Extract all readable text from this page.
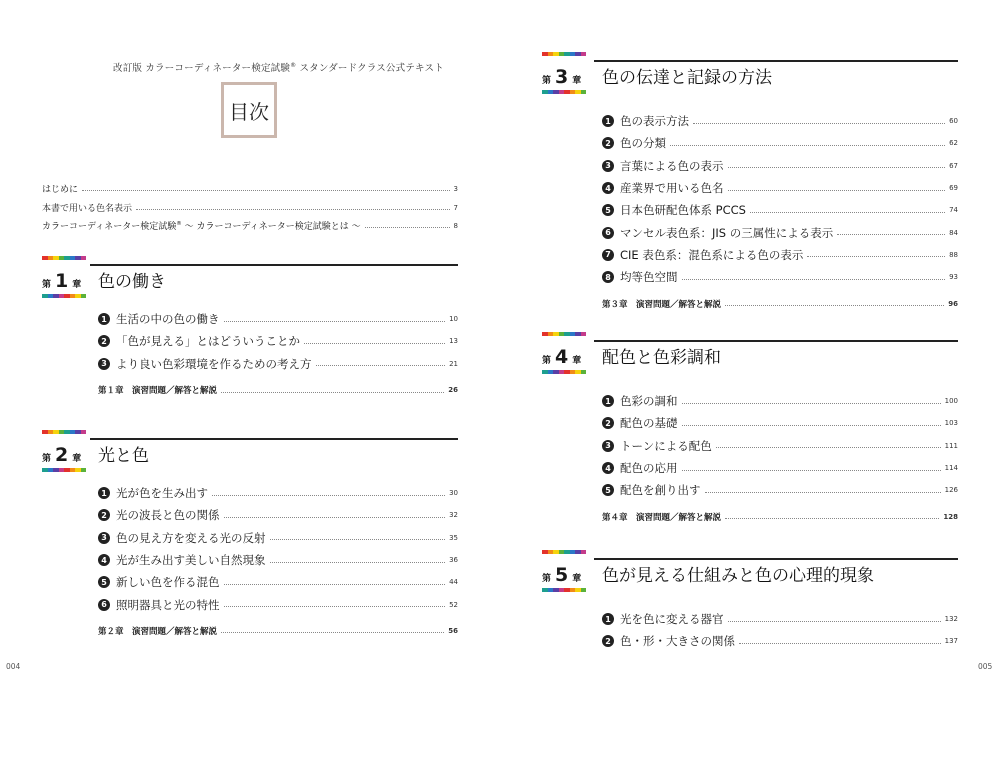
改訂版 カラーコーディネーター検定試験® スタンダードクラス公式テキスト
目次
はじめに	3
本書で用いる色名表示	7
カラーコーディネーター検定試験® 〜 カラーコーディネーター検定試験とは 〜	8
004
第 1 章 色の働き
1 生活の中の色の働き	10
2 「色が見える」とはどういうことか	13
3 より良い色彩環境を作るための考え方	21
第１章　演習問題／解答と解説	26
第 2 章 光と色
1 光が色を生み出す	30
2 光の波長と色の関係	32
3 色の見え方を変える光の反射	35
4 光が生み出す美しい自然現象	36
5 新しい色を作る混色	44
6 照明器具と光の特性	52
第２章　演習問題／解答と解説	56
005
第 3 章 色の伝達と記録の方法
1 色の表示方法	60
2 色の分類	62
3 言葉による色の表示	67
4 産業界で用いる色名	69
5 日本色研配色体系 PCCS	74
6 マンセル表色系：JIS の三属性による表示	84
7 CIE 表色系：混色系による色の表示	88
8 均等色空間	93
第３章　演習問題／解答と解説	96
第 4 章 配色と色彩調和
1 色彩の調和	100
2 配色の基礎	103
3 トーンによる配色	111
4 配色の応用	114
5 配色を創り出す	126
第４章　演習問題／解答と解説	128
第 5 章 色が見える仕組みと色の心理的現象
1 光を色に変える器官	132
2 色・形・大きさの関係	137
